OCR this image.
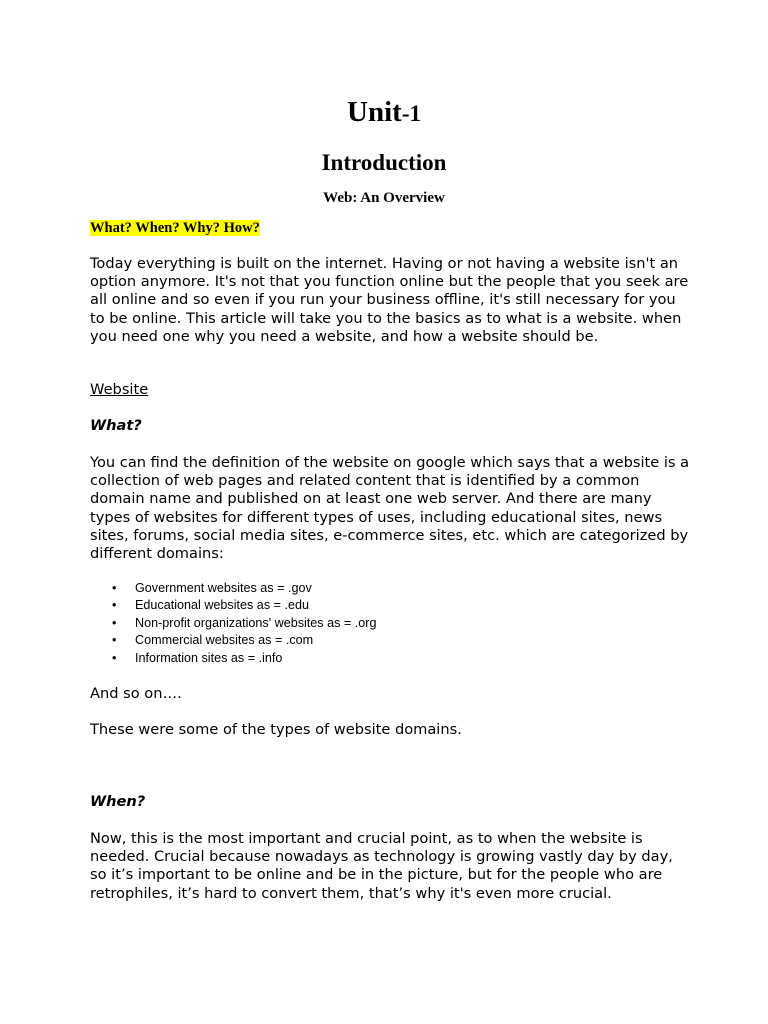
Unit-1
Introduction
Web: An Overview
What? When? Why? How?
Today everything is built on the internet. Having or not having a website isn't an option anymore. It's not that you function online but the people that you seek are all online and so even if you run your business offline, it's still necessary for you to be online. This article will take you to the basics as to what is a website. when you need one why you need a website, and how a website should be.
Website
What?
You can find the definition of the website on google which says that a website is a collection of web pages and related content that is identified by a common domain name and published on at least one web server. And there are many types of websites for different types of uses, including educational sites, news sites, forums, social media sites, e-commerce sites, etc. which are categorized by different domains:
• Government websites as = .gov
• Educational websites as = .edu
• Non-profit organizations' websites as = .org
• Commercial websites as = .com
• Information sites as = .info
And so on….
These were some of the types of website domains.
When?
Now, this is the most important and crucial point, as to when the website is needed. Crucial because nowadays as technology is growing vastly day by day, so it’s important to be online and be in the picture, but for the people who are retrophiles, it’s hard to convert them, that’s why it's even more crucial.
